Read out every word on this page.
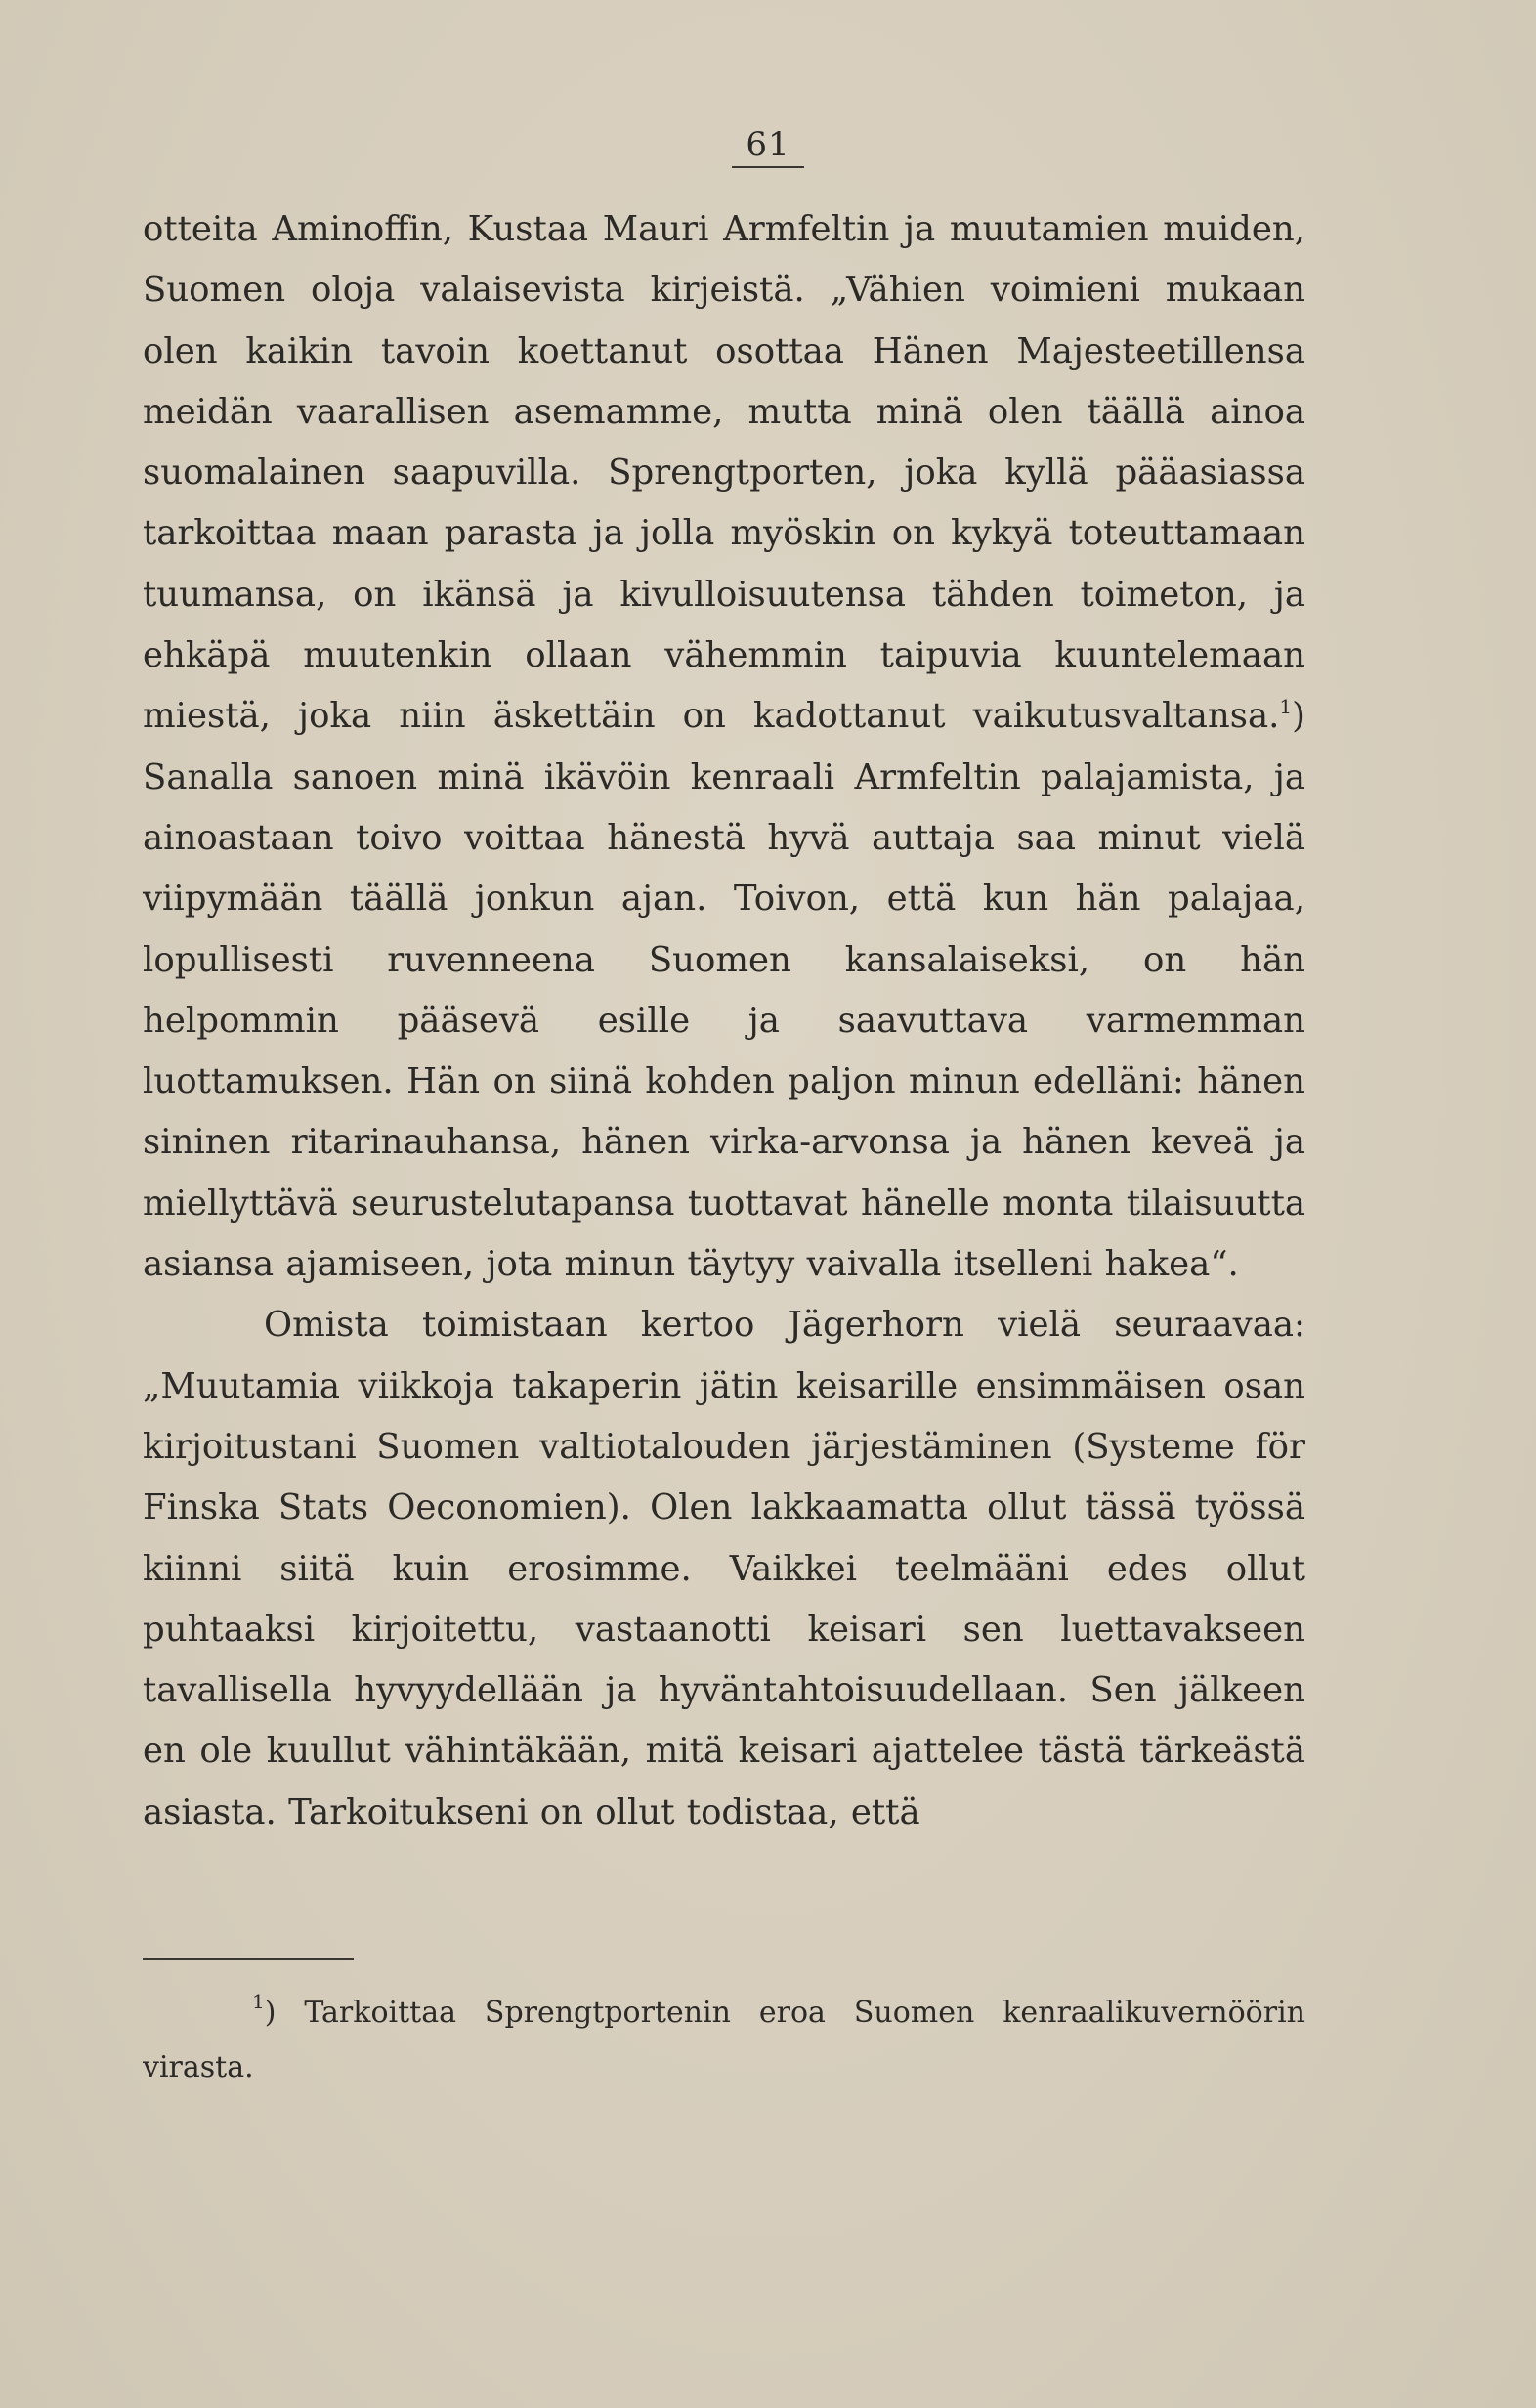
61

otteita Aminoffin, Kustaa Mauri Armfeltin ja muutamien muiden, Suomen oloja valaisevista kirjeistä. „Vähien voimieni mukaan olen kaikin tavoin koettanut osottaa Hänen Majesteetillensa meidän vaarallisen asemamme, mutta minä olen täällä ainoa suomalainen saapuvilla. Sprengtporten, joka kyllä pääasiassa tarkoittaa maan parasta ja jolla myöskin on kykyä toteuttamaan tuumansa, on ikänsä ja kivulloisuutensa tähden toimeton, ja ehkäpä muutenkin ollaan vähemmin taipuvia kuuntelemaan miestä, joka niin äskettäin on kadottanut vaikutusvaltansa.$^1$) Sanalla sanoen minä ikävöin kenraali Armfeltin palajamista, ja ainoastaan toivo voittaa hänestä hyvä auttaja saa minut vielä viipymään täällä jonkun ajan. Toivon, että kun hän palajaa, lopullisesti ruvenneena Suomen kansalaiseksi, on hän helpommin pääsevä esille ja saavuttava varmemman luottamuksen. Hän on siinä kohden paljon minun edelläni: hänen sininen ritarinauhansa, hänen virka-arvonsa ja hänen keveä ja miellyttävä seurustelutapansa tuottavat hänelle monta tilaisuutta asiansa ajamiseen, jota minun täytyy vaivalla itselleni hakea“.

Omista toimistaan kertoo Jägerhorn vielä seuraavaa: „Muutamia viikkoja takaperin jätin keisarille ensimmäisen osan kirjoitustani Suomen valtiotalouden järjestäminen (Systeme för Finska Stats Oeconomien). Olen lakkaamatta ollut tässä työssä kiinni siitä kuin erosimme. Vaikkei teelmääni edes ollut puhtaaksi kirjoitettu, vastaanotti keisari sen luettavakseen tavallisella hyvyydellään ja hyväntahtoisuudellaan. Sen jälkeen en ole kuullut vähintäkään, mitä keisari ajattelee tästä tärkeästä asiasta. Tarkoitukseni on ollut todistaa, että

$^1$) Tarkoittaa Sprengtportenin eroa Suomen kenraalikuvernöörin virasta.
